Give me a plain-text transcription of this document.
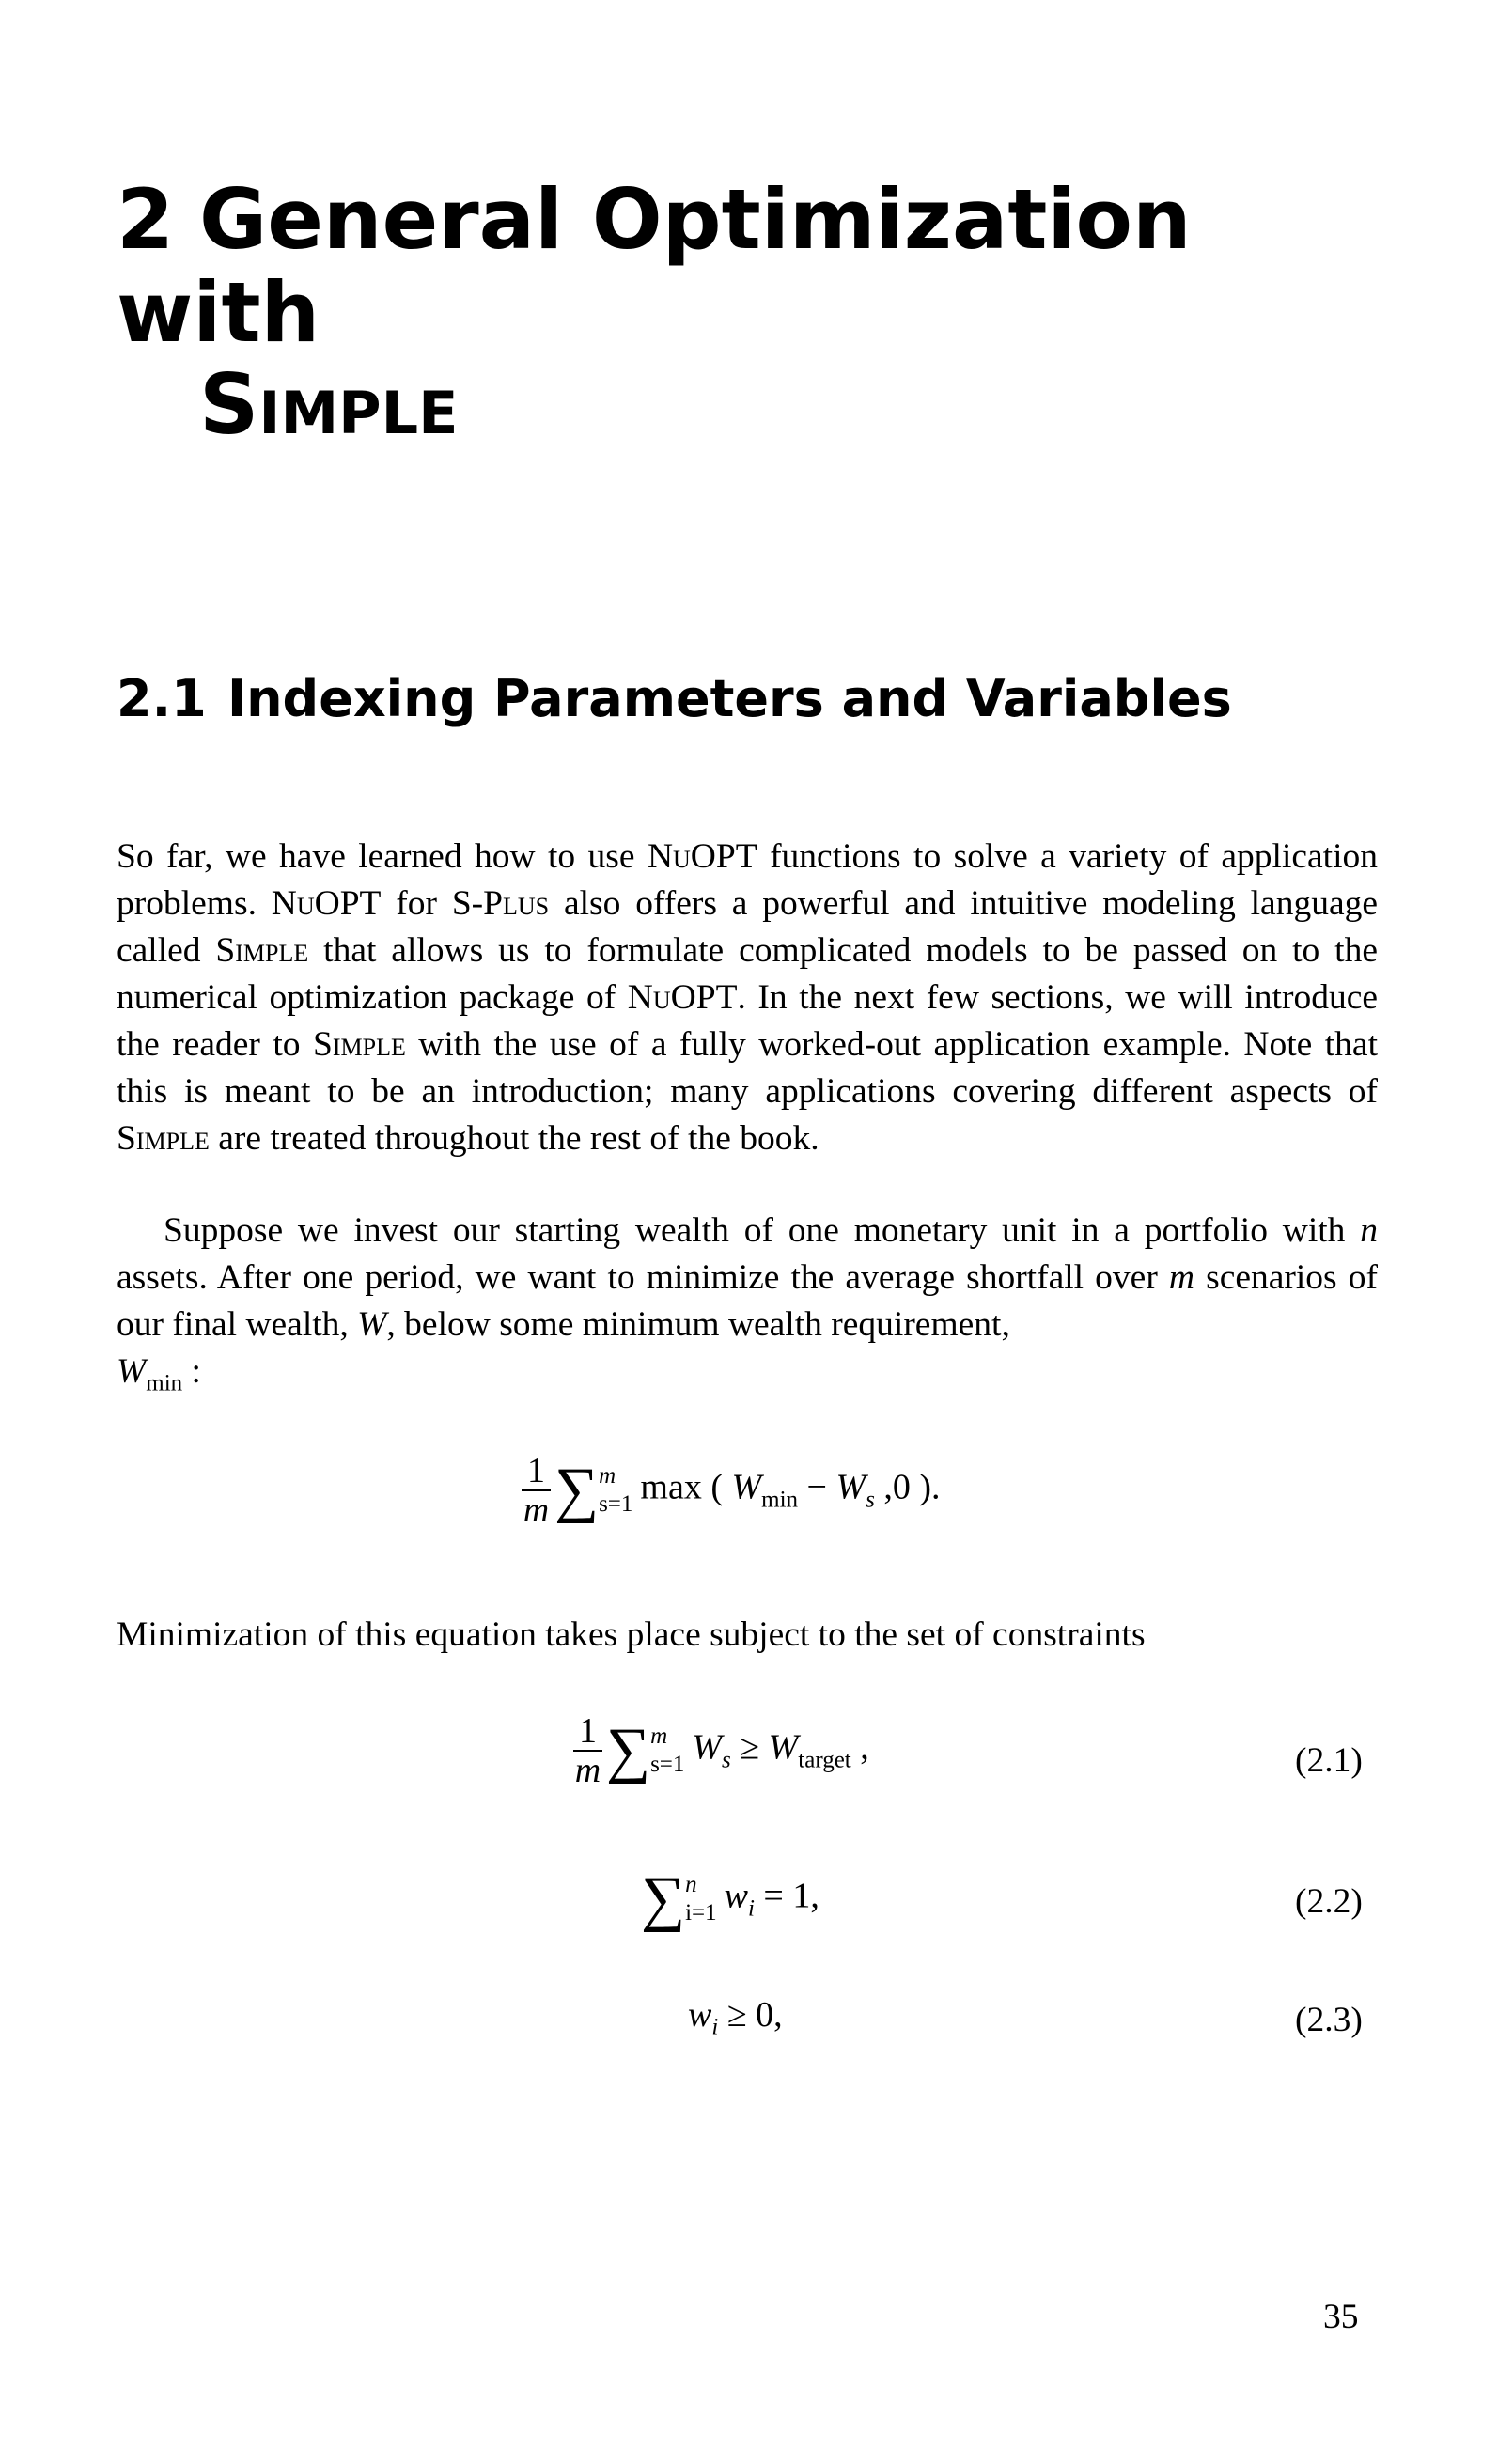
2 General Optimization with
Simple
2.1 Indexing Parameters and Variables

So far, we have learned how to use NuOPT functions to solve a variety of application problems. NuOPT for S-Plus also offers a powerful and intuitive modeling language called Simple that allows us to formulate complicated models to be passed on to the numerical optimization package of NuOPT. In the next few sections, we will introduce the reader to Simple with the use of a fully worked-out application example. Note that this is meant to be an introduction; many applications covering different aspects of Simple are treated throughout the rest of the book.

Suppose we invest our starting wealth of one monetary unit in a portfolio with n assets. After one period, we want to minimize the average shortfall over m scenarios of our final wealth, W, below some minimum wealth requirement,
$W_{min}$ :

$\frac{1}{m}$ ∑ m
s=1 max ( $W_{min} - W_s$ ,0 ).

Minimization of this equation takes place subject to the set of constraints

$\frac{1}{m}$ ∑ m
s=1 $W_s \ge W_{target}$ ,	(2.1)
∑ n
i=1 $w_i = 1$,	(2.2)
$w_i \ge 0$,	(2.3)
35
